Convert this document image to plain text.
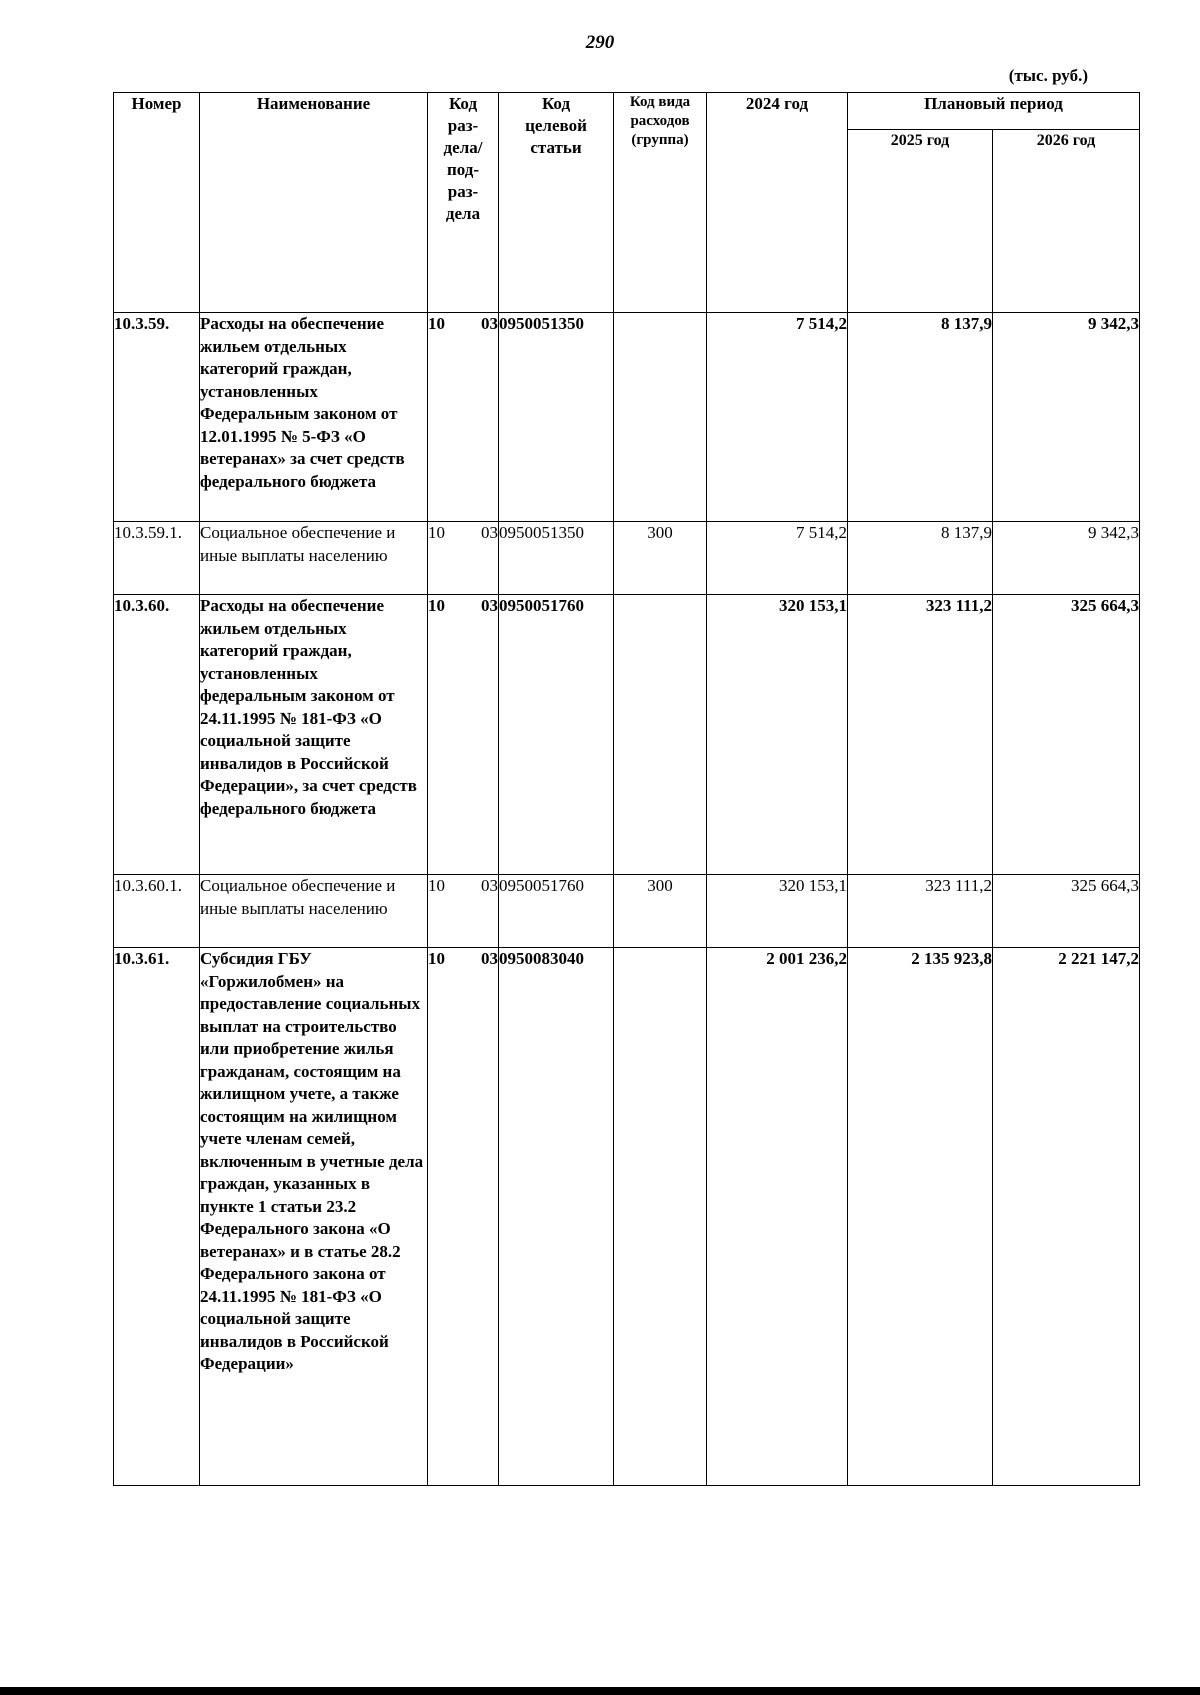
290
(тыс. руб.)
Номер	Наименование	Код раз- дела/ под- раз- дела	Код целевой статьи	Код вида расходов (группа)	2024 год	Плановый период	
						2025 год	2026 год
10.3.59.	Расходы на обеспечение жильем отдельных категорий граждан, установленных Федеральным законом от 12.01.1995 № 5-ФЗ «О ветеранах» за счет средств федерального бюджета	10 03	0950051350		7 514,2	8 137,9	9 342,3
10.3.59.1.	Социальное обеспечение и иные выплаты населению	10 03	0950051350	300	7 514,2	8 137,9	9 342,3
10.3.60.	Расходы на обеспечение жильем отдельных категорий граждан, установленных федеральным законом от 24.11.1995 № 181-ФЗ «О социальной защите инвалидов в Российской Федерации», за счет средств федерального бюджета	10 03	0950051760		320 153,1	323 111,2	325 664,3
10.3.60.1.	Социальное обеспечение и иные выплаты населению	10 03	0950051760	300	320 153,1	323 111,2	325 664,3
10.3.61.	Субсидия ГБУ «Горжилобмен» на предоставление социальных выплат на строительство или приобретение жилья гражданам, состоящим на жилищном учете, а также состоящим на жилищном учете членам семей, включенным в учетные дела граждан, указанных в пункте 1 статьи 23.2 Федерального закона «О ветеранах» и в статье 28.2 Федерального закона от 24.11.1995 № 181-ФЗ «О социальной защите инвалидов в Российской Федерации»	10 03	0950083040		2 001 236,2	2 135 923,8	2 221 147,2
